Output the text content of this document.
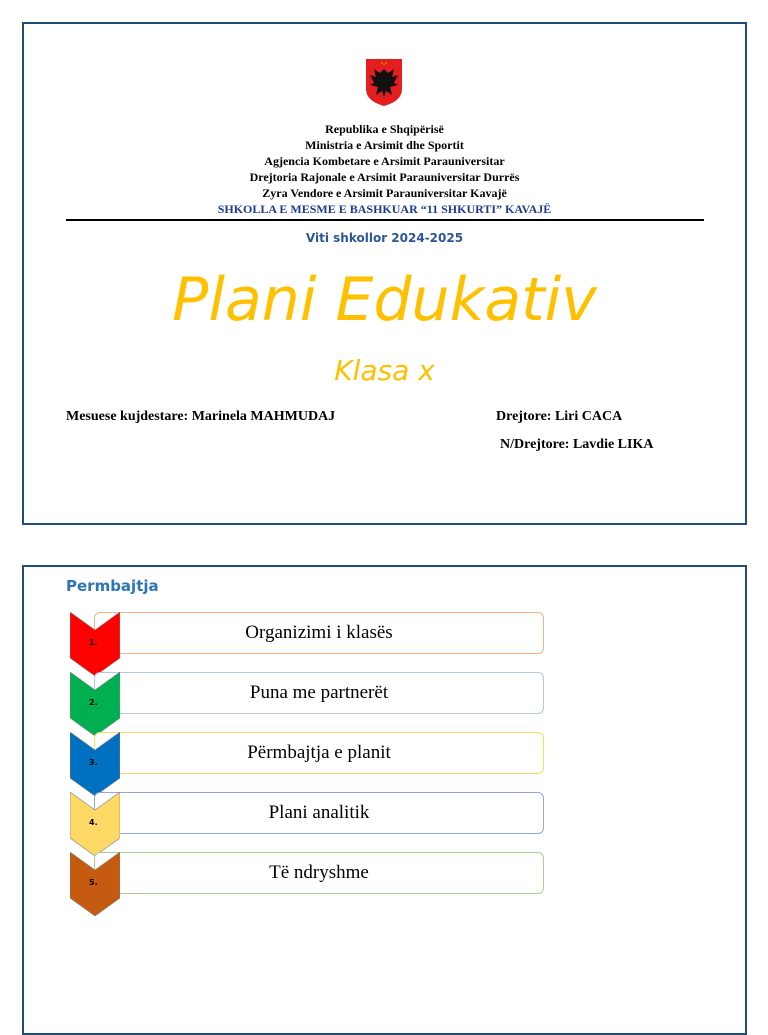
Republika e Shqipërisë
Ministria e Arsimit dhe Sportit
Agjencia Kombetare e Arsimit Parauniversitar
Drejtoria Rajonale e Arsimit Parauniversitar Durrës
Zyra Vendore e Arsimit Parauniversitar Kavajë
SHKOLLA E MESME E BASHKUAR “11 SHKURTI” KAVAJË
Viti shkollor 2024-2025
Plani Edukativ
Klasa x
Mesuese kujdestare: Marinela MAHMUDAJ	Drejtore: Liri CACA
N/Drejtore: Lavdie LIKA
Permbajtja
Organizimi i klasës
1.
Puna me partnerët
2.
Përmbajtja e planit
3.
Plani analitik
4.
Të ndryshme
5.
